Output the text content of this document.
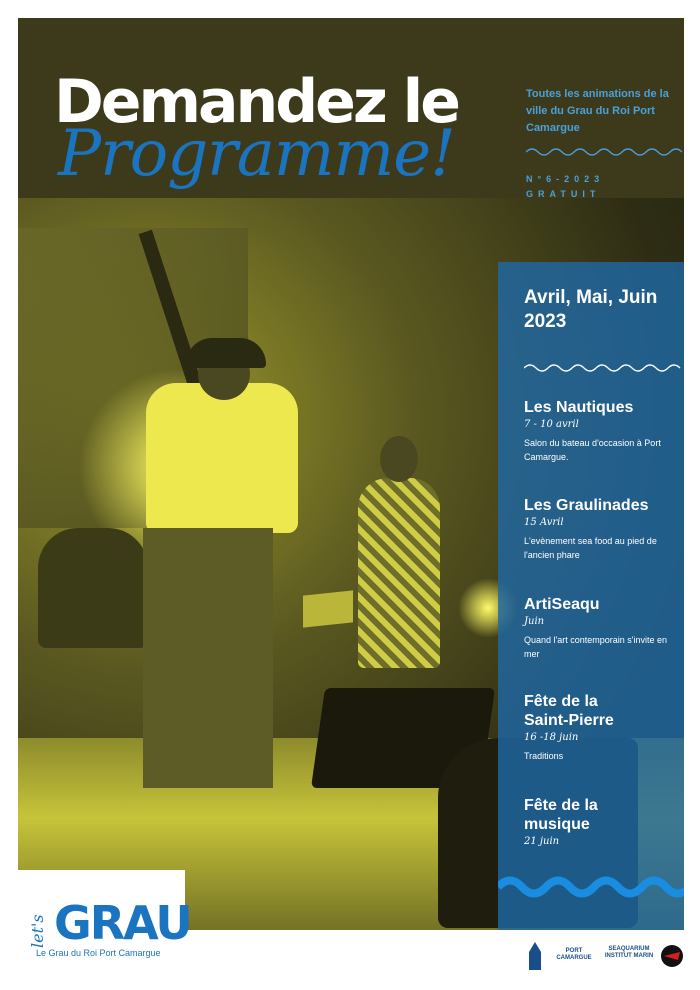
Demandez le
Programme!
Toutes les animations de la ville du Grau du Roi Port Camargue
N°6-2023
GRATUIT
Avril, Mai, Juin 2023
Les Nautiques
7 - 10 avril
Salon du bateau d'occasion à Port Camargue.
Les Graulinades
15 Avril
L'evènement sea food au pied de l'ancien phare
ArtiSeaqu
Juin
Quand l'art contemporain s'invite en mer
Fête de la Saint-Pierre
16 -18 juin
Traditions
Fête de la musique
21 juin
let's GRAU
Le Grau du Roi Port Camargue	PORT CAMARGUE
SEAQUARIUM INSTITUT MARIN
